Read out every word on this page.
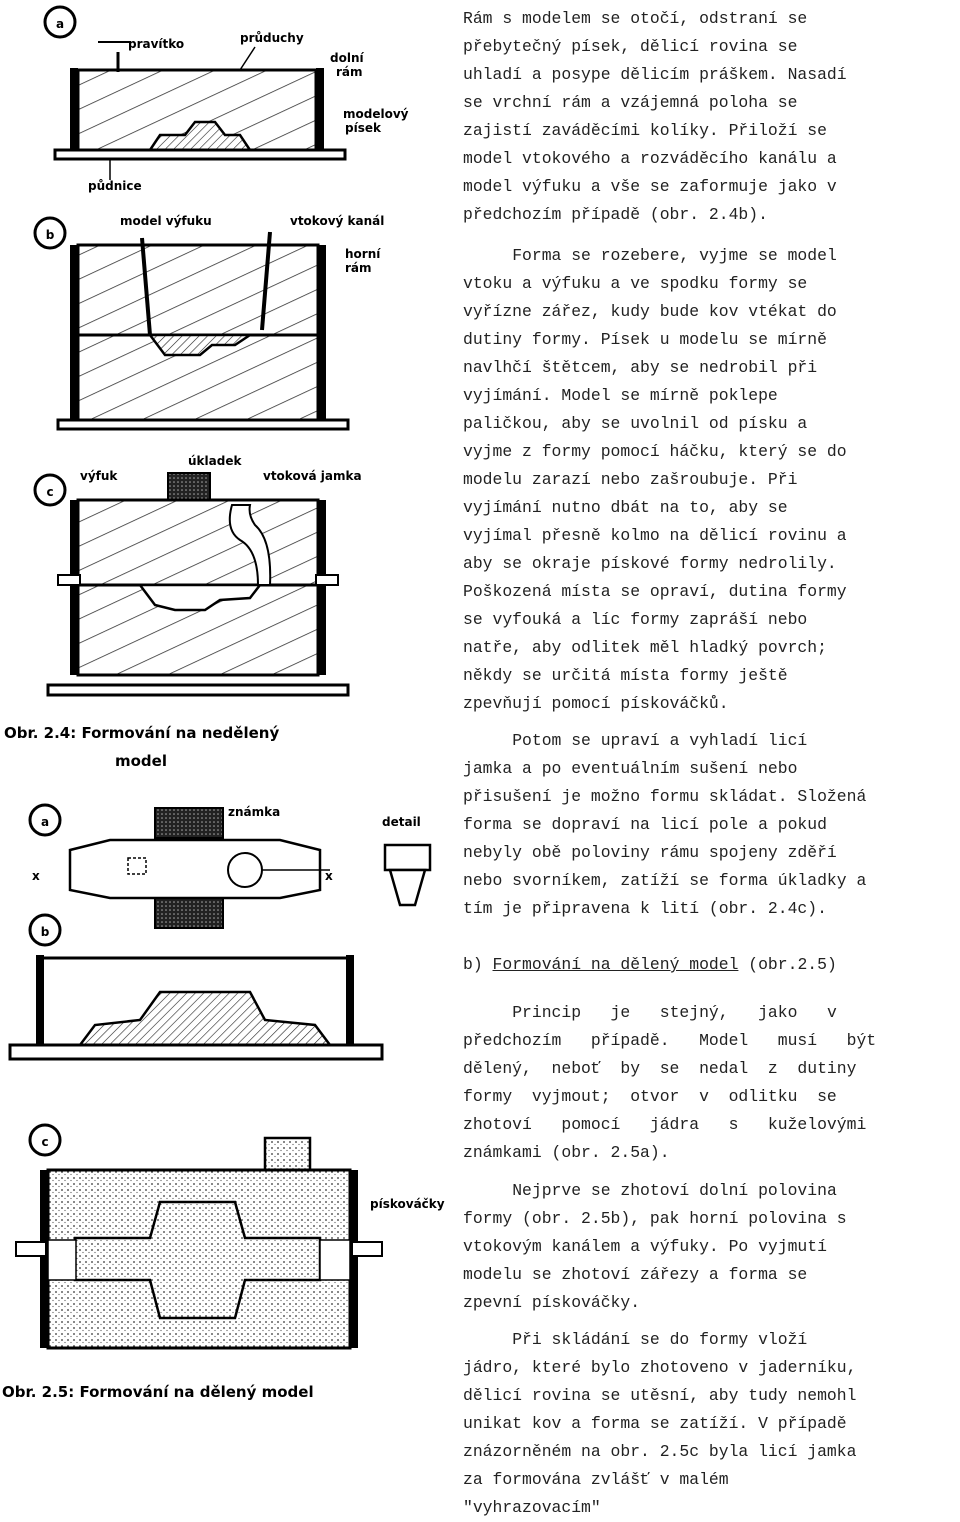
a
pravítko	průduchy
dolní
rám
modelový
písek
půdnice
b
model výfuku	vtokový kanál
horní
rám
c
výfuk
úkladek
vtoková jamka
Obr. 2.4: Formování na nedělený
model
a
známka
detail
x	x
b
c
pískováčky
Obr. 2.5: Formování na dělený model
Rám s modelem se otočí, odstraní se
přebytečný písek, dělicí rovina se
uhladí a posype dělicím práškem. Nasadí
se vrchní rám a vzájemná poloha se
zajistí zaváděcími kolíky. Přiloží se
model vtokového a rozváděcího kanálu a
model výfuku a vše se zaformuje jako v
předchozím případě (obr. 2.4b).
Forma se rozebere, vyjme se model
vtoku a výfuku a ve spodku formy se
vyřízne zářez, kudy bude kov vtékat do
dutiny formy. Písek u modelu se mírně
navlhčí štětcem, aby se nedrobil při
vyjímání. Model se mírně poklepe
paličkou, aby se uvolnil od písku a
vyjme z formy pomocí háčku, který se do
modelu zarazí nebo zašroubuje. Při
vyjímání nutno dbát na to, aby se
vyjímal přesně kolmo na dělicí rovinu a
aby se okraje pískové formy nedrolily.
Poškozená místa se opraví, dutina formy
se vyfouká a líc formy zapráší nebo
natře, aby odlitek měl hladký povrch;
někdy se určitá místa formy ještě
zpevňují pomocí pískováčků.
Potom se upraví a vyhladí licí
jamka a po eventuálním sušení nebo
přisušení je možno formu skládat. Složená
forma se dopraví na licí pole a pokud
nebyly obě poloviny rámu spojeny zděří
nebo svorníkem, zatíží se forma úkladky a
tím je připravena k lití (obr. 2.4c).
b) Formování na dělený model (obr.2.5)
Princip   je   stejný,   jako   v
předchozím   případě.   Model   musí   být
dělený,  neboť  by  se  nedal  z  dutiny
formy  vyjmout;  otvor  v  odlitku  se
zhotoví   pomocí   jádra   s   kuželovými
známkami (obr. 2.5a).
Nejprve se zhotoví dolní polovina
formy (obr. 2.5b), pak horní polovina s
vtokovým kanálem a výfuky. Po vyjmutí
modelu se zhotoví zářezy a forma se
zpevní pískováčky.
Při skládání se do formy vloží
jádro, které bylo zhotoveno v jaderníku,
dělicí rovina se utěsní, aby tudy nemohl
unikat kov a forma se zatíží. V případě
znázorněném na obr. 2.5c byla licí jamka
za formována zvlášť v malém
"vyhrazovacím"
